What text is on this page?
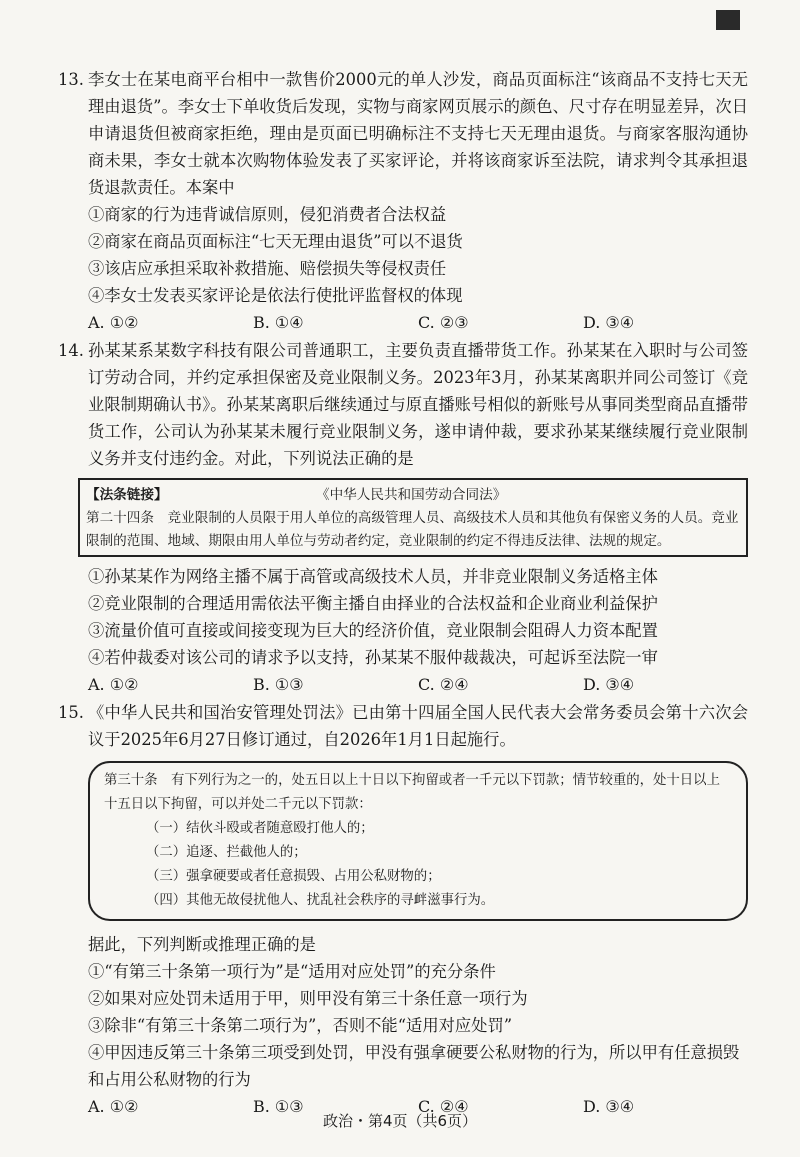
13. 李女士在某电商平台相中一款售价2000元的单人沙发，商品页面标注“该商品不支持七天无理由退货”。李女士下单收货后发现，实物与商家网页展示的颜色、尺寸存在明显差异，次日申请退货但被商家拒绝，理由是页面已明确标注不支持七天无理由退货。与商家客服沟通协商未果，李女士就本次购物体验发表了买家评论，并将该商家诉至法院，请求判令其承担退货退款责任。本案中

①商家的行为违背诚信原则，侵犯消费者合法权益

②商家在商品页面标注“七天无理由退货”可以不退货

③该店应承担采取补救措施、赔偿损失等侵权责任

④李女士发表买家评论是依法行使批评监督权的体现

A. ①②	B. ①④	C. ②③	D. ③④
14. 孙某某系某数字科技有限公司普通职工，主要负责直播带货工作。孙某某在入职时与公司签订劳动合同，并约定承担保密及竞业限制义务。2023年3月，孙某某离职并同公司签订《竞业限制期确认书》。孙某某离职后继续通过与原直播账号相似的新账号从事同类型商品直播带货工作，公司认为孙某某未履行竞业限制义务，遂申请仲裁，要求孙某某继续履行竞业限制义务并支付违约金。对此，下列说法正确的是

【法条链接】	《中华人民共和国劳动合同法》
第二十四条　竞业限制的人员限于用人单位的高级管理人员、高级技术人员和其他负有保密义务的人员。竞业限制的范围、地域、期限由用人单位与劳动者约定，竞业限制的约定不得违反法律、法规的规定。

①孙某某作为网络主播不属于高管或高级技术人员，并非竞业限制义务适格主体

②竞业限制的合理适用需依法平衡主播自由择业的合法权益和企业商业利益保护

③流量价值可直接或间接变现为巨大的经济价值，竞业限制会阻碍人力资本配置

④若仲裁委对该公司的请求予以支持，孙某某不服仲裁裁决，可起诉至法院一审

A. ①②	B. ①③	C. ②④	D. ③④
15. 《中华人民共和国治安管理处罚法》已由第十四届全国人民代表大会常务委员会第十六次会议于2025年6月27日修订通过，自2026年1月1日起施行。

第三十条　有下列行为之一的，处五日以上十日以下拘留或者一千元以下罚款；情节较重的，处十日以上十五日以下拘留，可以并处二千元以下罚款：

（一）结伙斗殴或者随意殴打他人的；

（二）追逐、拦截他人的；

（三）强拿硬要或者任意损毁、占用公私财物的；

（四）其他无故侵扰他人、扰乱社会秩序的寻衅滋事行为。

据此，下列判断或推理正确的是

①“有第三十条第一项行为”是“适用对应处罚”的充分条件

②如果对应处罚未适用于甲，则甲没有第三十条任意一项行为

③除非“有第三十条第二项行为”，否则不能“适用对应处罚”

④甲因违反第三十条第三项受到处罚，甲没有强拿硬要公私财物的行为，所以甲有任意损毁和占用公私财物的行为

A. ①②	B. ①③	C. ②④	D. ③④
政治・第4页（共6页）
